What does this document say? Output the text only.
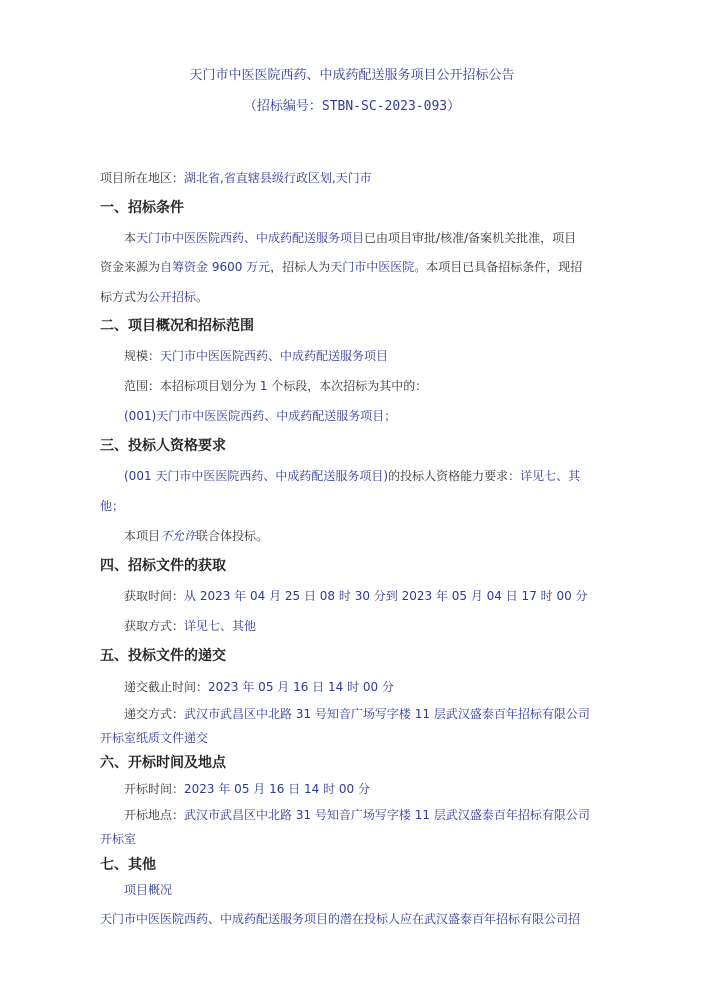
天门市中医医院西药、中成药配送服务项目公开招标公告
（招标编号：STBN-SC-2023-093）
项目所在地区：湖北省,省直辖县级行政区划,天门市
一、招标条件
本天门市中医医院西药、中成药配送服务项目已由项目审批/核准/备案机关批准，项目
资金来源为自筹资金 9600 万元，招标人为天门市中医医院。本项目已具备招标条件，现招
标方式为公开招标。
二、项目概况和招标范围
规模：天门市中医医院西药、中成药配送服务项目
范围：本招标项目划分为 1 个标段，本次招标为其中的：
(001)天门市中医医院西药、中成药配送服务项目；
三、投标人资格要求
(001 天门市中医医院西药、中成药配送服务项目)的投标人资格能力要求：详见七、其
他；
本项目不允许联合体投标。
四、招标文件的获取
获取时间：从 2023 年 04 月 25 日 08 时 30 分到 2023 年 05 月 04 日 17 时 00 分
获取方式：详见七、其他
五、投标文件的递交
递交截止时间：2023 年 05 月 16 日 14 时 00 分
递交方式：武汉市武昌区中北路 31 号知音广场写字楼 11 层武汉盛泰百年招标有限公司
开标室纸质文件递交
六、开标时间及地点
开标时间：2023 年 05 月 16 日 14 时 00 分
开标地点：武汉市武昌区中北路 31 号知音广场写字楼 11 层武汉盛泰百年招标有限公司
开标室
七、其他
项目概况
天门市中医医院西药、中成药配送服务项目的潜在投标人应在武汉盛泰百年招标有限公司招
